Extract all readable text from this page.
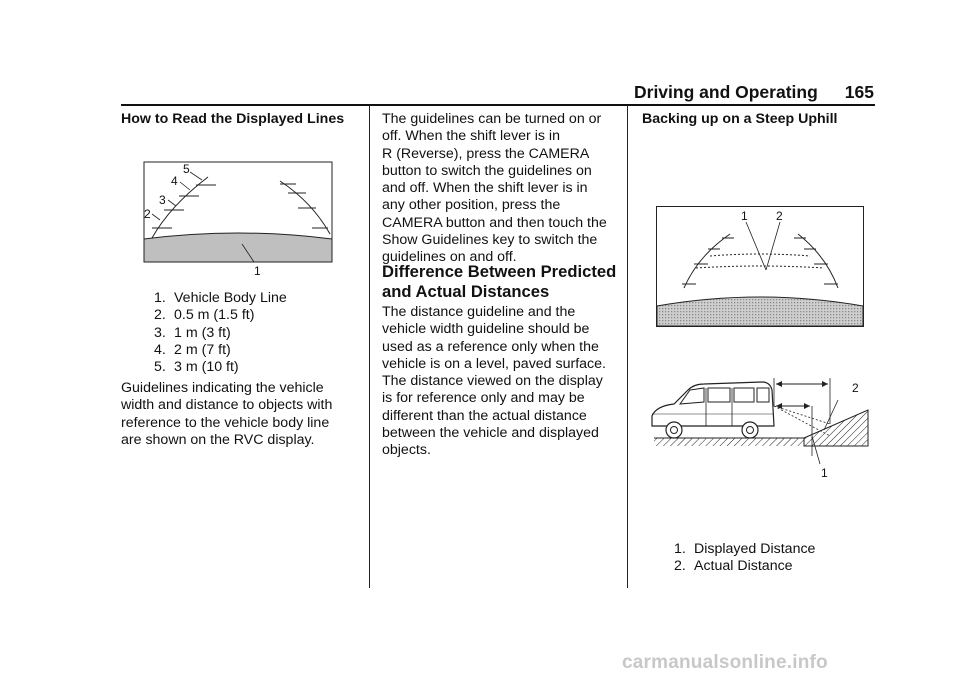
Driving and Operating 165
How to Read the Displayed Lines
5
4
3
2
1
1. Vehicle Body Line
2. 0.5 m (1.5 ft)
3. 1 m (3 ft)
4. 2 m (7 ft)
5. 3 m (10 ft)
Guidelines indicating the vehicle
width and distance to objects with
reference to the vehicle body line
are shown on the RVC display.
The guidelines can be turned on or
off. When the shift lever is in
R (Reverse), press the CAMERA
button to switch the guidelines on
and off. When the shift lever is in
any other position, press the
CAMERA button and then touch the
Show Guidelines key to switch the
guidelines on and off.
Difference Between Predicted
and Actual Distances
The distance guideline and the
vehicle width guideline should be
used as a reference only when the
vehicle is on a level, paved surface.
The distance viewed on the display
is for reference only and may be
different than the actual distance
between the vehicle and displayed
objects.
Backing up on a Steep Uphill
1 2
2
1
1. Displayed Distance
2. Actual Distance
carmanualsonline.info
